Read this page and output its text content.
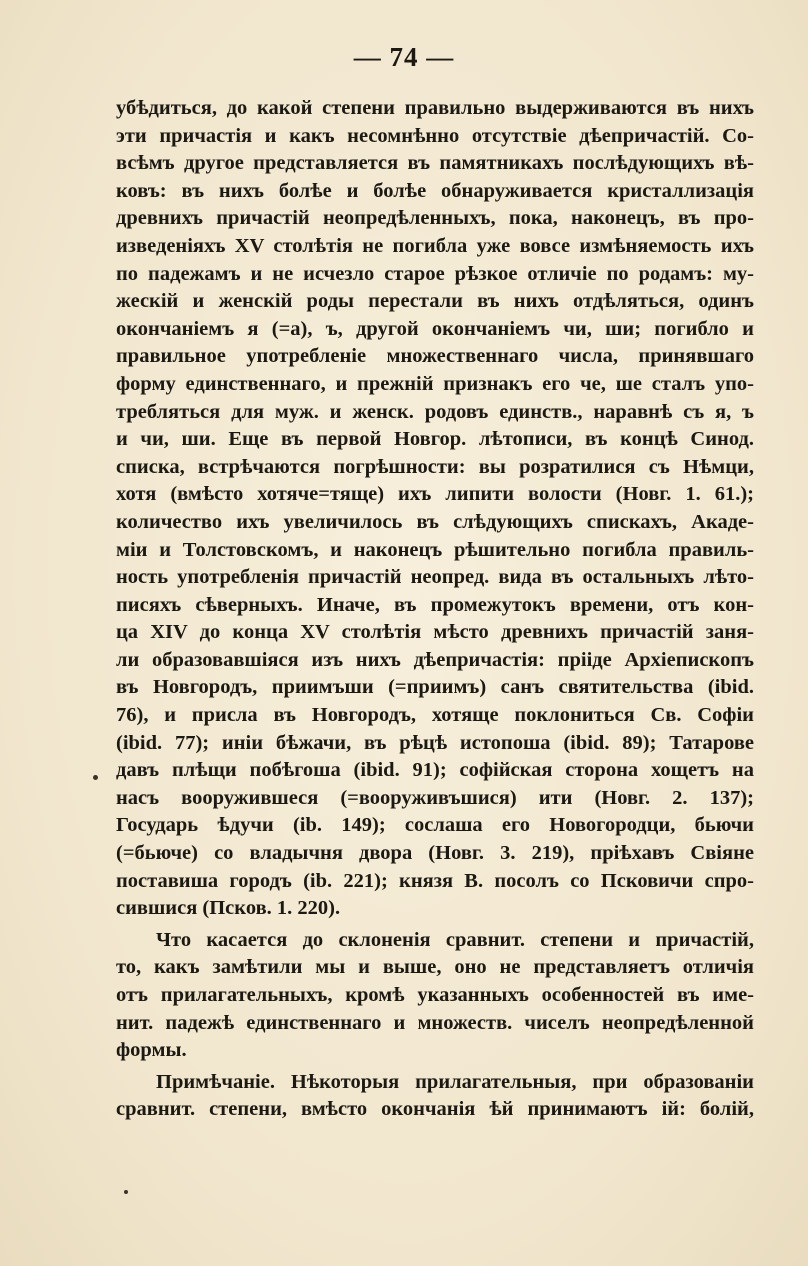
— 74 —
убѣдиться, до какой степени правильно выдерживаются въ нихъ
эти причастія и какъ несомнѣнно отсутствіе дѣепричастій. Со-
всѣмъ другое представляется въ памятникахъ послѣдующихъ вѣ-
ковъ: въ нихъ болѣе и болѣе обнаруживается кристаллизація
древнихъ причастій неопредѣленныхъ, пока, наконецъ, въ про-
изведеніяхъ XV столѣтія не погибла уже вовсе измѣняемость ихъ
по падежамъ и не исчезло старое рѣзкое отличіе по родамъ: му-
жескій и женскій роды перестали въ нихъ отдѣляться, одинъ
окончаніемъ я (=а), ъ, другой окончаніемъ чи, ши; погибло и
правильное употребленіе множественнаго числа, принявшаго
форму единственнаго, и прежній признакъ его че, ше сталъ упо-
требляться для муж. и женск. родовъ единств., наравнѣ съ я, ъ
и чи, ши. Еще въ первой Новгор. лѣтописи, въ концѣ Синод.
списка, встрѣчаются погрѣшности: вы розратилися съ Нѣмци,
хотя (вмѣсто хотяче=тяще) ихъ липити волости (Новг. 1. 61.);
количество ихъ увеличилось въ слѣдующихъ спискахъ, Акаде-
міи и Толстовскомъ, и наконецъ рѣшительно погибла правиль-
ность употребленія причастій неопред. вида въ остальныхъ лѣто-
писяхъ сѣверныхъ. Иначе, въ промежутокъ времени, отъ кон-
ца XIV до конца XV столѣтія мѣсто древнихъ причастій заня-
ли образовавшіяся изъ нихъ дѣепричастія: прііде Архіепископъ
въ Новгородъ, приимъши (=приимъ) санъ святительства (ibid.
76), и присла въ Новгородъ, хотяще поклониться Св. Софіи
(ibid. 77); иніи бѣжачи, въ рѣцѣ истопоша (ibid. 89); Татарове
давъ плѣщи побѣгоша (ibid. 91); софійская сторона хощетъ на
насъ вооружившеся (=вооруживъшися) ити (Новг. 2. 137);
Государь ѣдучи (ib. 149); сослаша его Новогородци, бьючи
(=бьюче) со владычня двора (Новг. 3. 219), пріѣхавъ Свіяне
поставиша городъ (ib. 221); князя В. посолъ со Псковичи спро-
сившися (Псков. 1. 220).
Что касается до склоненія сравнит. степени и причастій,
то, какъ замѣтили мы и выше, оно не представляетъ отличія
отъ прилагательныхъ, кромѣ указанныхъ особенностей въ име-
нит. падежѣ единственнаго и множеств. чиселъ неопредѣленной
формы.
Примѣчаніе. Нѣкоторыя прилагательныя, при образованіи
сравнит. степени, вмѣсто окончанія ѣй принимаютъ ій: болій,
